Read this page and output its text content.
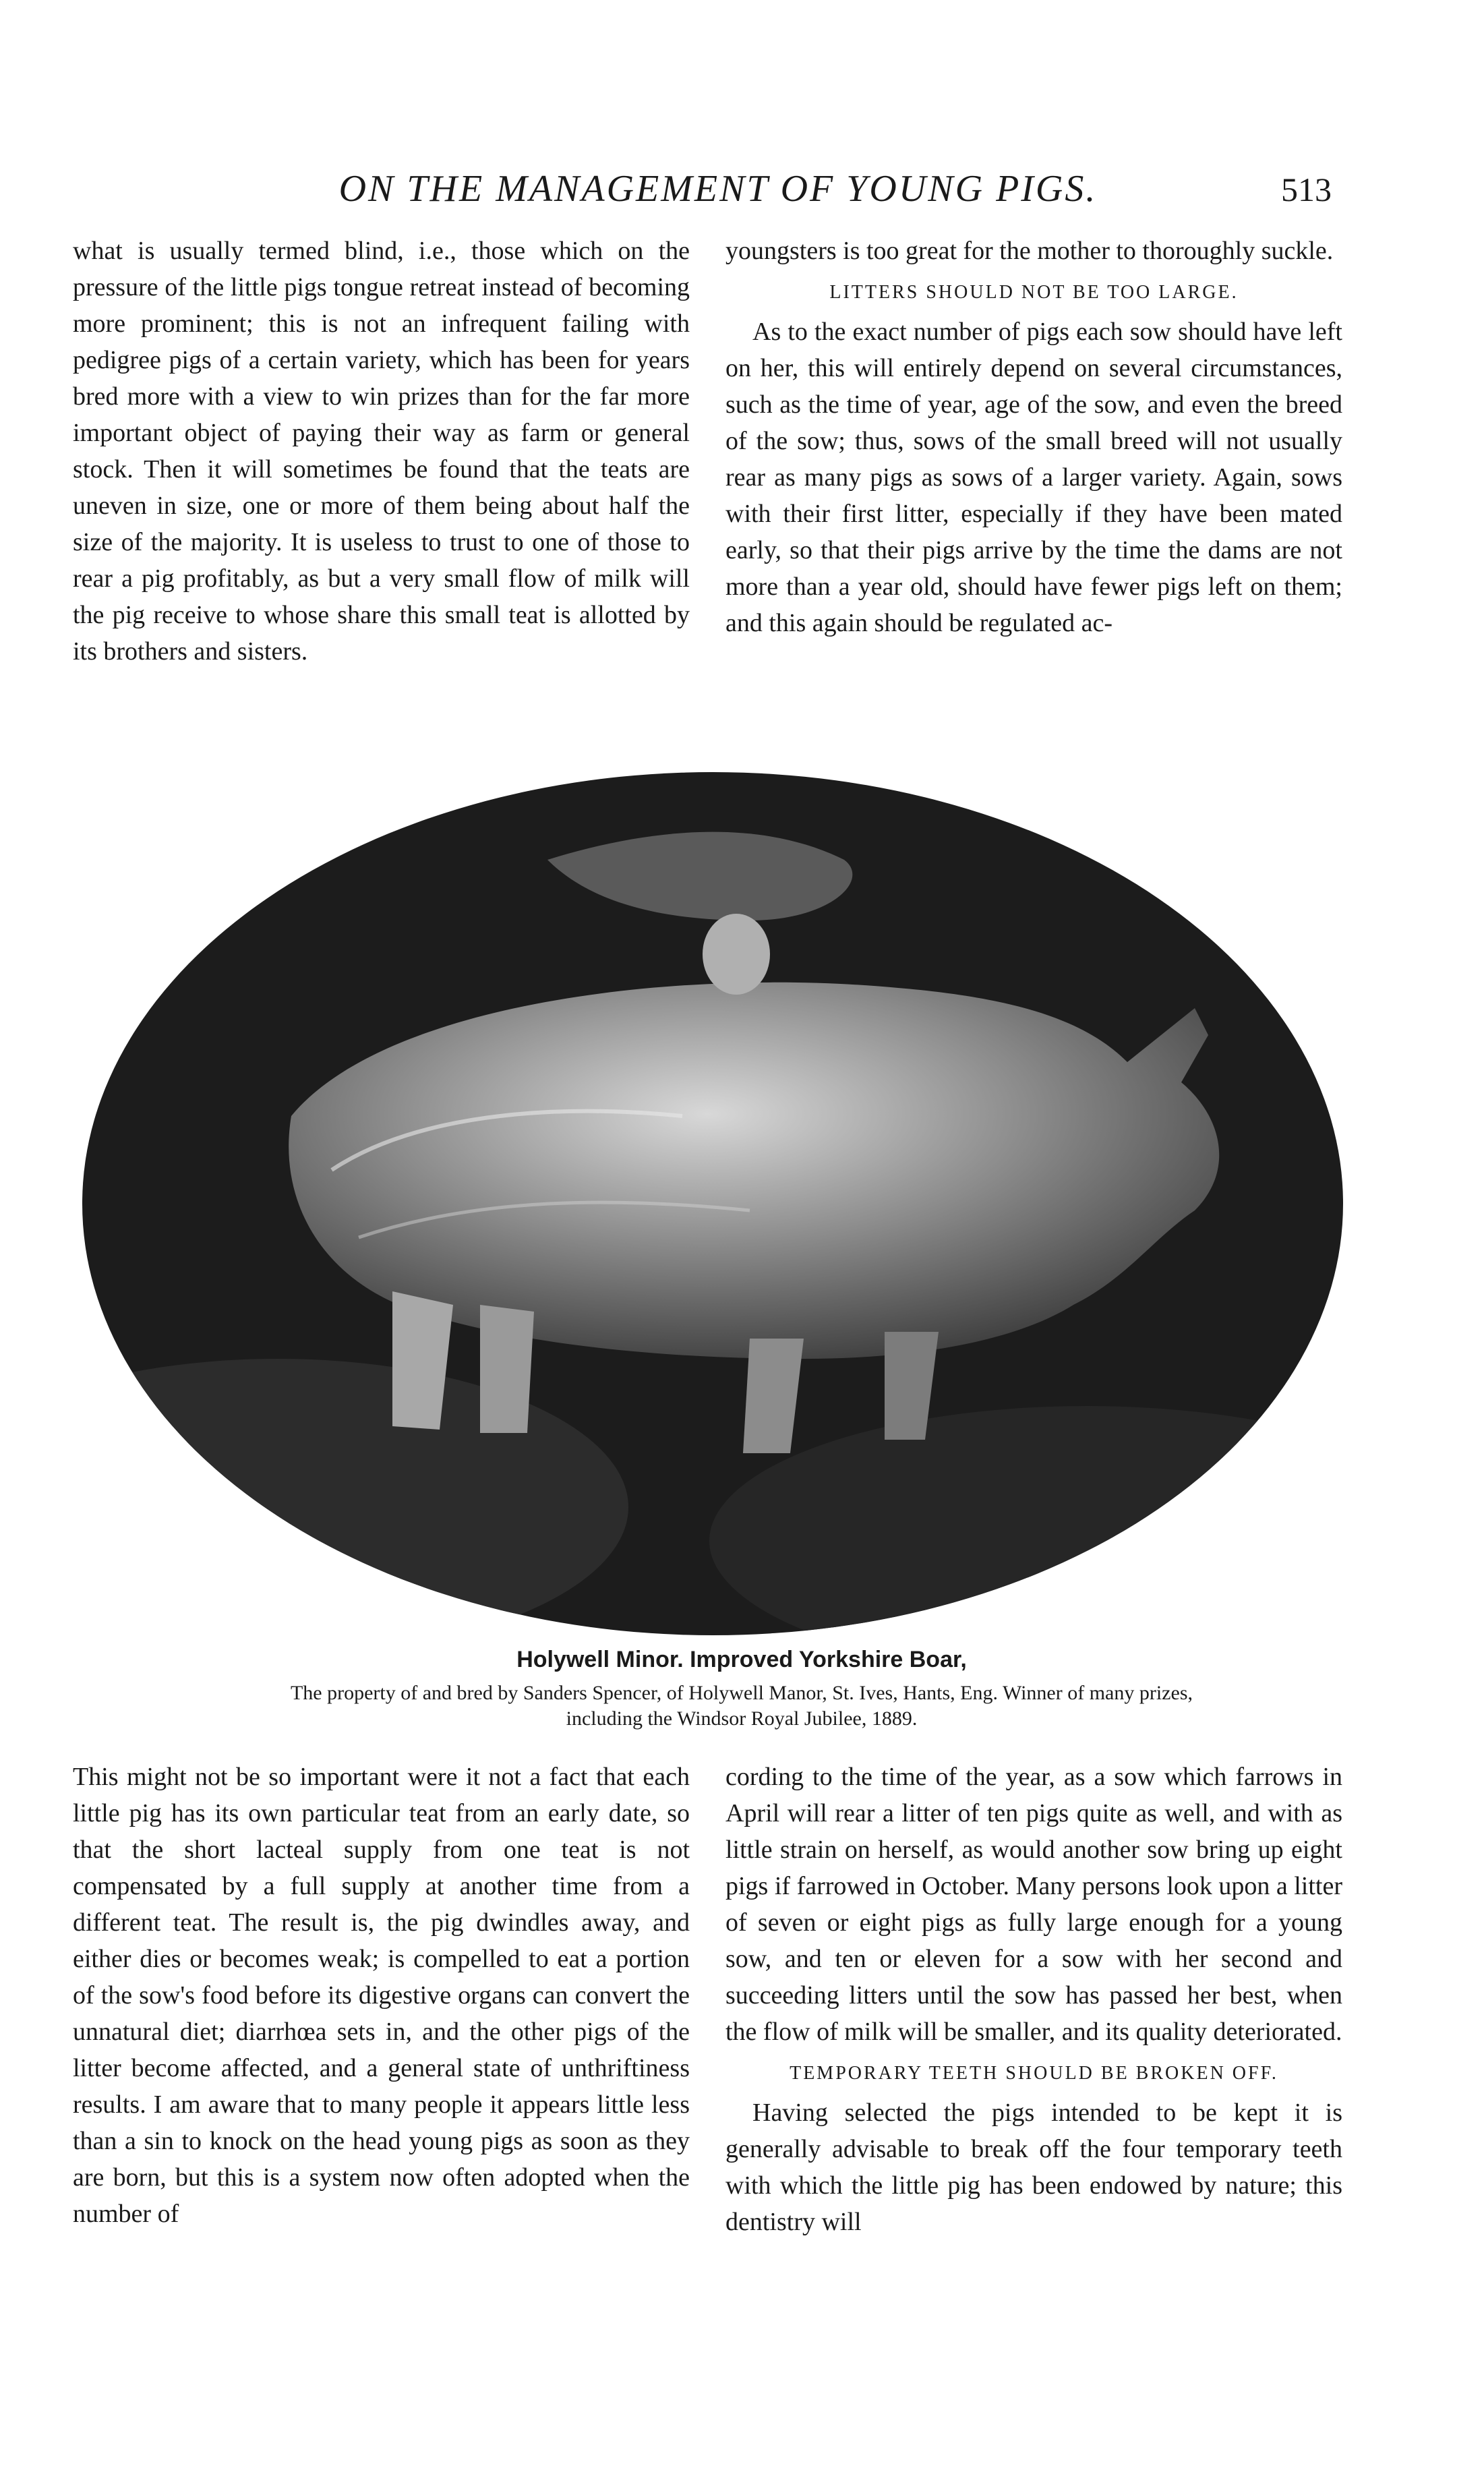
ON THE MANAGEMENT OF YOUNG PIGS.	513

what is usually termed blind, i.e., those which on the pressure of the little pigs tongue retreat instead of becoming more prominent; this is not an infrequent failing with pedigree pigs of a certain variety, which has been for years bred more with a view to win prizes than for the far more important object of paying their way as farm or general stock. Then it will sometimes be found that the teats are uneven in size, one or more of them being about half the size of the majority. It is useless to trust to one of those to rear a pig profitably, as but a very small flow of milk will the pig receive to whose share this small teat is allotted by its brothers and sisters.

youngsters is too great for the mother to thoroughly suckle.

LITTERS SHOULD NOT BE TOO LARGE.

As to the exact number of pigs each sow should have left on her, this will entirely depend on several circumstances, such as the time of year, age of the sow, and even the breed of the sow; thus, sows of the small breed will not usually rear as many pigs as sows of a larger variety. Again, sows with their first litter, especially if they have been mated early, so that their pigs arrive by the time the dams are not more than a year old, should have fewer pigs left on them; and this again should be regulated ac-

Holywell Minor. Improved Yorkshire Boar,
The property of and bred by Sanders Spencer, of Holywell Manor, St. Ives, Hants, Eng. Winner of many prizes,
including the Windsor Royal Jubilee, 1889.

This might not be so important were it not a fact that each little pig has its own particular teat from an early date, so that the short lacteal supply from one teat is not compensated by a full supply at another time from a different teat. The result is, the pig dwindles away, and either dies or becomes weak; is compelled to eat a portion of the sow's food before its digestive organs can convert the unnatural diet; diarrhœa sets in, and the other pigs of the litter become affected, and a general state of unthriftiness results. I am aware that to many people it appears little less than a sin to knock on the head young pigs as soon as they are born, but this is a system now often adopted when the number of

cording to the time of the year, as a sow which farrows in April will rear a litter of ten pigs quite as well, and with as little strain on herself, as would another sow bring up eight pigs if farrowed in October. Many persons look upon a litter of seven or eight pigs as fully large enough for a young sow, and ten or eleven for a sow with her second and succeeding litters until the sow has passed her best, when the flow of milk will be smaller, and its quality deteriorated.

TEMPORARY TEETH SHOULD BE BROKEN OFF.

Having selected the pigs intended to be kept it is generally advisable to break off the four temporary teeth with which the little pig has been endowed by nature; this dentistry will
